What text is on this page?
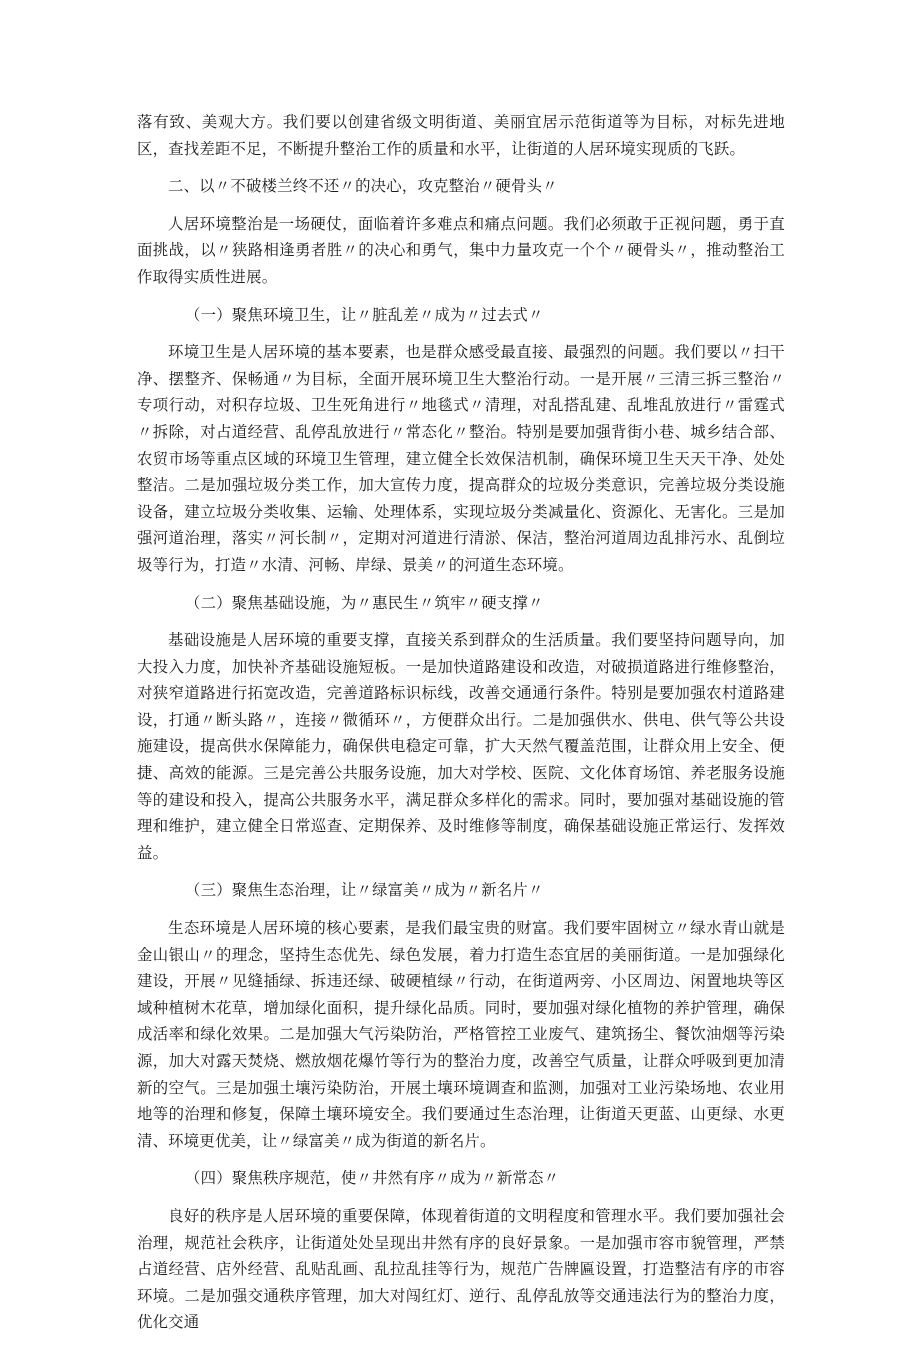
落有致、美观大方。我们要以创建省级文明街道、美丽宜居示范街道等为目标，对标先进地区，查找差距不足，不断提升整治工作的质量和水平，让街道的人居环境实现质的飞跃。

二、以〃不破楼兰终不还〃的决心，攻克整治〃硬骨头〃

人居环境整治是一场硬仗，面临着许多难点和痛点问题。我们必须敢于正视问题，勇于直面挑战，以〃狭路相逢勇者胜〃的决心和勇气，集中力量攻克一个个〃硬骨头〃，推动整治工作取得实质性进展。

（一）聚焦环境卫生，让〃脏乱差〃成为〃过去式〃

环境卫生是人居环境的基本要素，也是群众感受最直接、最强烈的问题。我们要以〃扫干净、摆整齐、保畅通〃为目标，全面开展环境卫生大整治行动。一是开展〃三清三拆三整治〃专项行动，对积存垃圾、卫生死角进行〃地毯式〃清理，对乱搭乱建、乱堆乱放进行〃雷霆式〃拆除，对占道经营、乱停乱放进行〃常态化〃整治。特别是要加强背街小巷、城乡结合部、农贸市场等重点区域的环境卫生管理，建立健全长效保洁机制，确保环境卫生天天干净、处处整洁。二是加强垃圾分类工作，加大宣传力度，提高群众的垃圾分类意识，完善垃圾分类设施设备，建立垃圾分类收集、运输、处理体系，实现垃圾分类减量化、资源化、无害化。三是加强河道治理，落实〃河长制〃，定期对河道进行清淤、保洁，整治河道周边乱排污水、乱倒垃圾等行为，打造〃水清、河畅、岸绿、景美〃的河道生态环境。

（二）聚焦基础设施，为〃惠民生〃筑牢〃硬支撑〃

基础设施是人居环境的重要支撑，直接关系到群众的生活质量。我们要坚持问题导向，加大投入力度，加快补齐基础设施短板。一是加快道路建设和改造，对破损道路进行维修整治，对狭窄道路进行拓宽改造，完善道路标识标线，改善交通通行条件。特别是要加强农村道路建设，打通〃断头路〃，连接〃微循环〃，方便群众出行。二是加强供水、供电、供气等公共设施建设，提高供水保障能力，确保供电稳定可靠，扩大天然气覆盖范围，让群众用上安全、便捷、高效的能源。三是完善公共服务设施，加大对学校、医院、文化体育场馆、养老服务设施等的建设和投入，提高公共服务水平，满足群众多样化的需求。同时，要加强对基础设施的管理和维护，建立健全日常巡查、定期保养、及时维修等制度，确保基础设施正常运行、发挥效益。

（三）聚焦生态治理，让〃绿富美〃成为〃新名片〃

生态环境是人居环境的核心要素，是我们最宝贵的财富。我们要牢固树立〃绿水青山就是金山银山〃的理念，坚持生态优先、绿色发展，着力打造生态宜居的美丽街道。一是加强绿化建设，开展〃见缝插绿、拆违还绿、破硬植绿〃行动，在街道两旁、小区周边、闲置地块等区域种植树木花草，增加绿化面积，提升绿化品质。同时，要加强对绿化植物的养护管理，确保成活率和绿化效果。二是加强大气污染防治，严格管控工业废气、建筑扬尘、餐饮油烟等污染源，加大对露天焚烧、燃放烟花爆竹等行为的整治力度，改善空气质量，让群众呼吸到更加清新的空气。三是加强土壤污染防治，开展土壤环境调查和监测，加强对工业污染场地、农业用地等的治理和修复，保障土壤环境安全。我们要通过生态治理，让街道天更蓝、山更绿、水更清、环境更优美，让〃绿富美〃成为街道的新名片。

（四）聚焦秩序规范，使〃井然有序〃成为〃新常态〃

良好的秩序是人居环境的重要保障，体现着街道的文明程度和管理水平。我们要加强社会治理，规范社会秩序，让街道处处呈现出井然有序的良好景象。一是加强市容市貌管理，严禁占道经营、店外经营、乱贴乱画、乱拉乱挂等行为，规范广告牌匾设置，打造整洁有序的市容环境。二是加强交通秩序管理，加大对闯红灯、逆行、乱停乱放等交通违法行为的整治力度，优化交通
